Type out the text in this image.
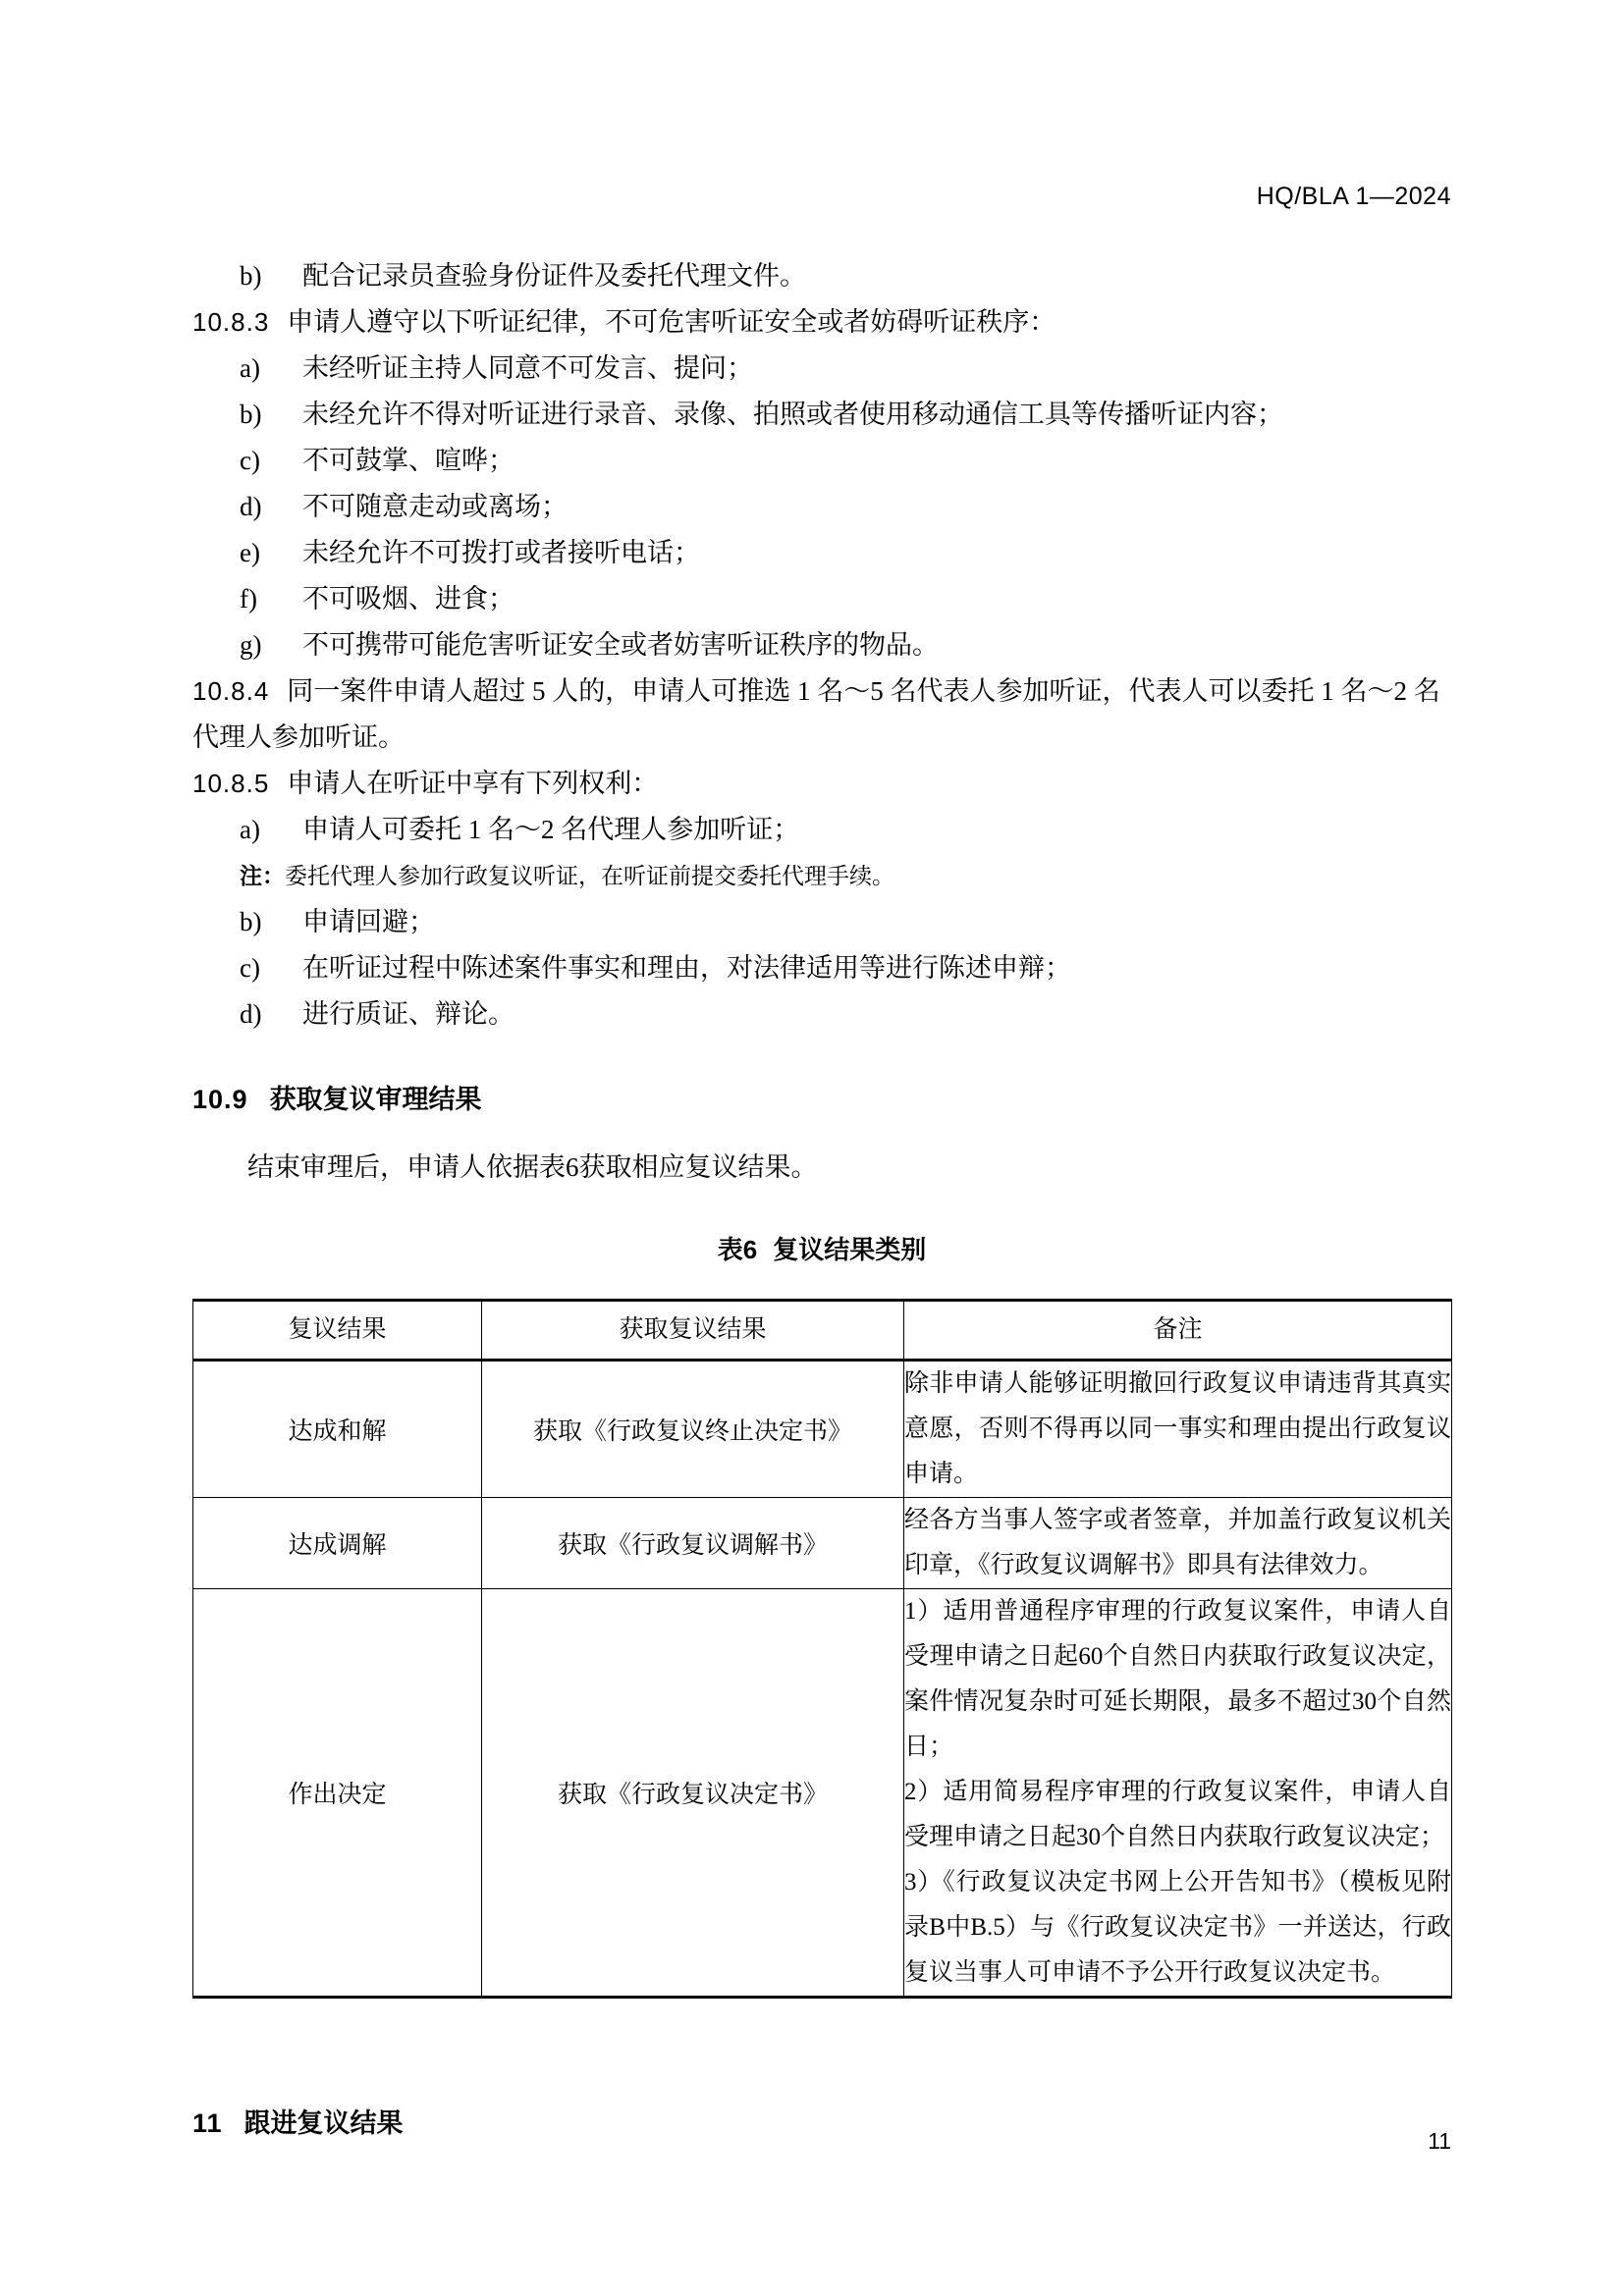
HQ/BLA 1—2024
b)	配合记录员查验身份证件及委托代理文件。
10.8.3 申请人遵守以下听证纪律，不可危害听证安全或者妨碍听证秩序：
a)	未经听证主持人同意不可发言、提问；
b)	未经允许不得对听证进行录音、录像、拍照或者使用移动通信工具等传播听证内容；
c)	不可鼓掌、喧哗；
d)	不可随意走动或离场；
e)	未经允许不可拨打或者接听电话；
f)	不可吸烟、进食；
g)	不可携带可能危害听证安全或者妨害听证秩序的物品。
10.8.4 同一案件申请人超过 5 人的，申请人可推选 1 名～5 名代表人参加听证，代表人可以委托 1 名～2 名代理人参加听证。
10.8.5 申请人在听证中享有下列权利：
a)	申请人可委托 1 名～2 名代理人参加听证；
注：委托代理人参加行政复议听证，在听证前提交委托代理手续。
b)	申请回避；
c)	在听证过程中陈述案件事实和理由，对法律适用等进行陈述申辩；
d)	进行质证、辩论。
10.9 获取复议审理结果
结束审理后，申请人依据表6获取相应复议结果。
表6 复议结果类别
复议结果	获取复议结果	备注
达成和解	获取《行政复议终止决定书》	除非申请人能够证明撤回行政复议申请违背其真实意愿，否则不得再以同一事实和理由提出行政复议申请。

达成调解	获取《行政复议调解书》	经各方当事人签字或者签章，并加盖行政复议机关印章，《行政复议调解书》即具有法律效力。

作出决定	获取《行政复议决定书》	1）适用普通程序审理的行政复议案件，申请人自受理申请之日起60个自然日内获取行政复议决定，案件情况复杂时可延长期限，最多不超过30个自然日；

2）适用简易程序审理的行政复议案件，申请人自受理申请之日起30个自然日内获取行政复议决定；

3）《行政复议决定书网上公开告知书》（模板见附录B中B.5）与《行政复议决定书》一并送达，行政复议当事人可申请不予公开行政复议决定书。

11 跟进复议结果
11
